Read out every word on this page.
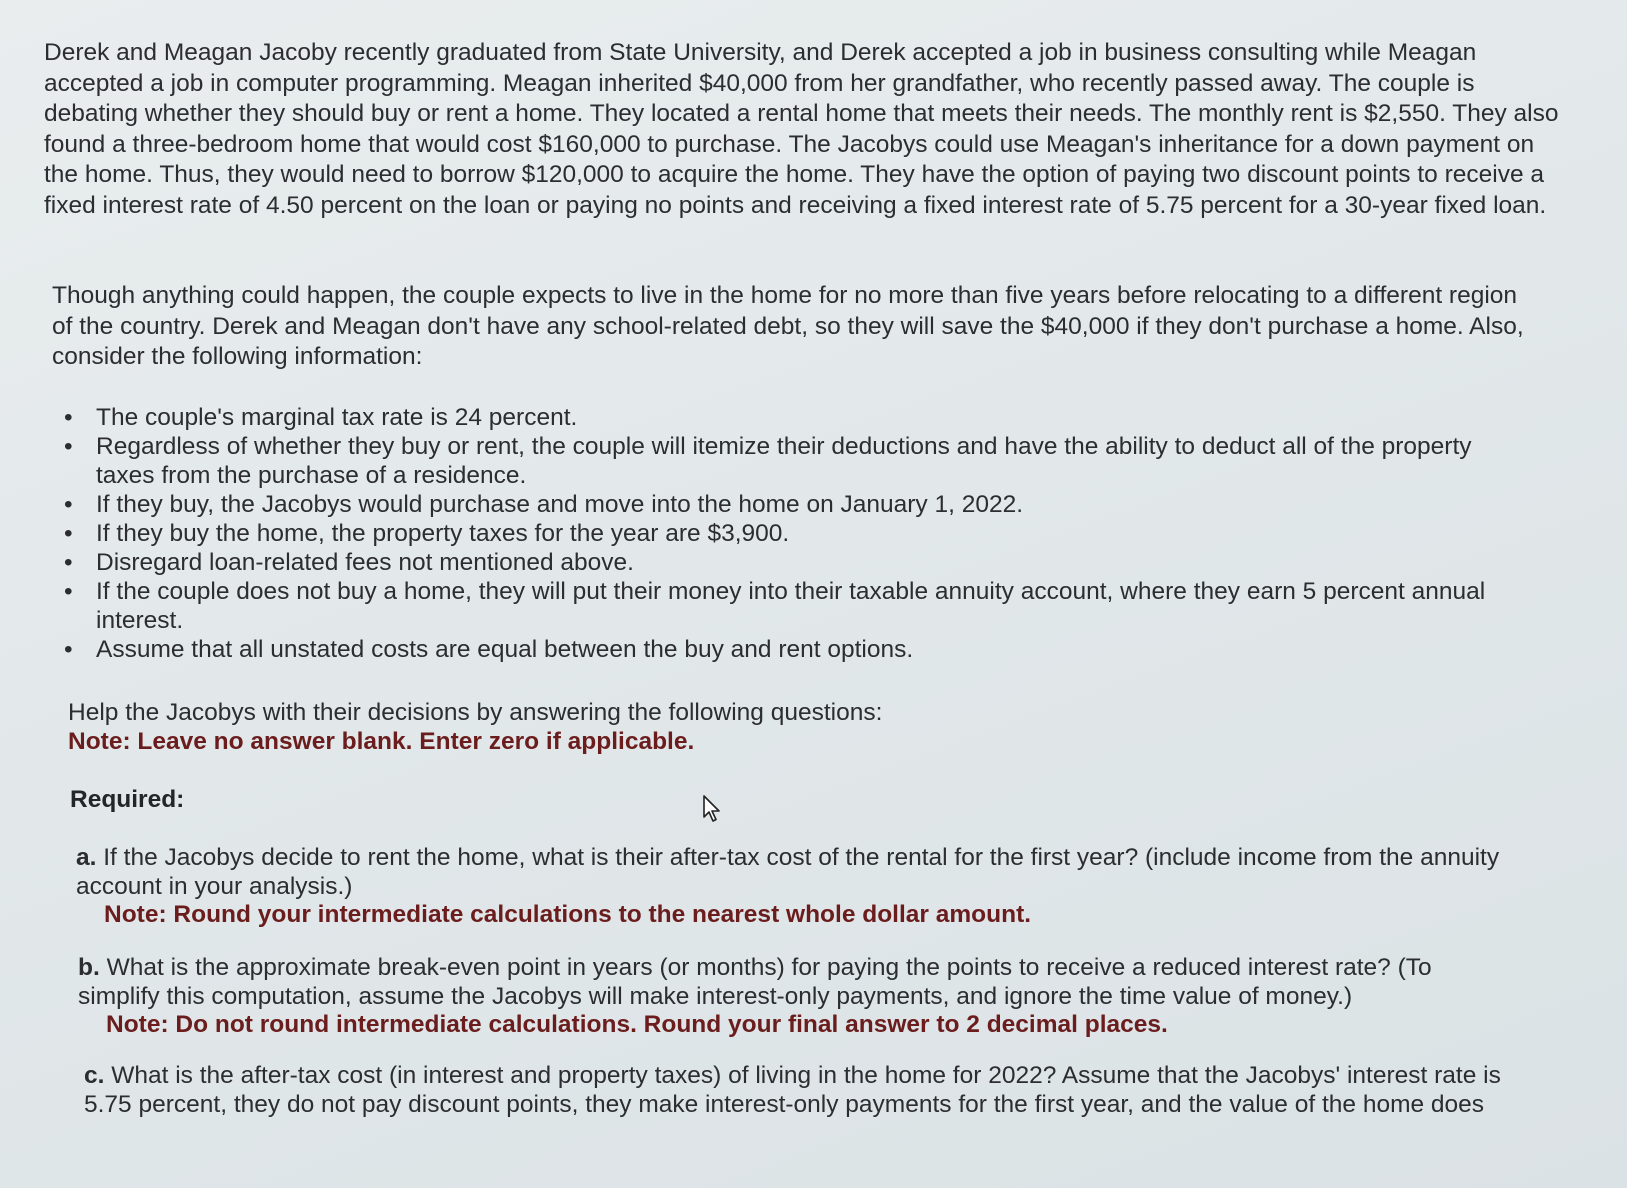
Derek and Meagan Jacoby recently graduated from State University, and Derek accepted a job in business consulting while Meagan accepted a job in computer programming. Meagan inherited $40,000 from her grandfather, who recently passed away. The couple is debating whether they should buy or rent a home. They located a rental home that meets their needs. The monthly rent is $2,550. They also found a three-bedroom home that would cost $160,000 to purchase. The Jacobys could use Meagan's inheritance for a down payment on the home. Thus, they would need to borrow $120,000 to acquire the home. They have the option of paying two discount points to receive a fixed interest rate of 4.50 percent on the loan or paying no points and receiving a fixed interest rate of 5.75 percent for a 30-year fixed loan.

Though anything could happen, the couple expects to live in the home for no more than five years before relocating to a different region of the country. Derek and Meagan don't have any school-related debt, so they will save the $40,000 if they don't purchase a home. Also, consider the following information:

• The couple's marginal tax rate is 24 percent.
• Regardless of whether they buy or rent, the couple will itemize their deductions and have the ability to deduct all of the property taxes from the purchase of a residence.
• If they buy, the Jacobys would purchase and move into the home on January 1, 2022.
• If they buy the home, the property taxes for the year are $3,900.
• Disregard loan-related fees not mentioned above.
• If the couple does not buy a home, they will put their money into their taxable annuity account, where they earn 5 percent annual interest.
• Assume that all unstated costs are equal between the buy and rent options.
Help the Jacobys with their decisions by answering the following questions:
Note: Leave no answer blank. Enter zero if applicable.
Required:
a. If the Jacobys decide to rent the home, what is their after-tax cost of the rental for the first year? (include income from the annuity account in your analysis.)
Note: Round your intermediate calculations to the nearest whole dollar amount.
b. What is the approximate break-even point in years (or months) for paying the points to receive a reduced interest rate? (To simplify this computation, assume the Jacobys will make interest-only payments, and ignore the time value of money.)
Note: Do not round intermediate calculations. Round your final answer to 2 decimal places.
c. What is the after-tax cost (in interest and property taxes) of living in the home for 2022? Assume that the Jacobys' interest rate is 5.75 percent, they do not pay discount points, they make interest-only payments for the first year, and the value of the home does
